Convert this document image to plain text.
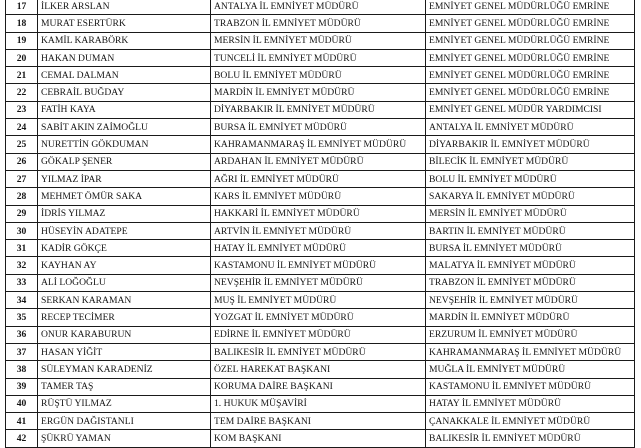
17	İLKER ARSLAN	ANTALYA İL EMNİYET MÜDÜRÜ	EMNİYET GENEL MÜDÜRLÜĞÜ EMRİNE
18	MURAT ESERTÜRK	TRABZON İL EMNİYET MÜDÜRÜ	EMNİYET GENEL MÜDÜRLÜĞÜ EMRİNE
19	KAMİL KARABÖRK	MERSİN İL EMNİYET MÜDÜRÜ	EMNİYET GENEL MÜDÜRLÜĞÜ EMRİNE
20	HAKAN DUMAN	TUNCELİ İL EMNİYET MÜDÜRÜ	EMNİYET GENEL MÜDÜRLÜĞÜ EMRİNE
21	CEMAL DALMAN	BOLU İL EMNİYET MÜDÜRÜ	EMNİYET GENEL MÜDÜRLÜĞÜ EMRİNE
22	CEBRAİL BUĞDAY	MARDİN İL EMNİYET MÜDÜRÜ	EMNİYET GENEL MÜDÜRLÜĞÜ EMRİNE
23	FATİH KAYA	DİYARBAKIR İL EMNİYET MÜDÜRÜ	EMNİYET GENEL MÜDÜR YARDIMCISI
24	SABİT AKIN ZAİMOĞLU	BURSA İL EMNİYET MÜDÜRÜ	ANTALYA İL EMNİYET MÜDÜRÜ
25	NURETTİN GÖKDUMAN	KAHRAMANMARAŞ İL EMNİYET MÜDÜRÜ	DİYARBAKIR İL EMNİYET MÜDÜRÜ
26	GÖKALP ŞENER	ARDAHAN İL EMNİYET MÜDÜRÜ	BİLECİK İL EMNİYET MÜDÜRÜ
27	YILMAZ İPAR	AĞRI İL EMNİYET MÜDÜRÜ	BOLU İL EMNİYET MÜDÜRÜ
28	MEHMET ÖMÜR SAKA	KARS İL EMNİYET MÜDÜRÜ	SAKARYA İL EMNİYET MÜDÜRÜ
29	İDRİS YILMAZ	HAKKARİ İL EMNİYET MÜDÜRÜ	MERSİN İL EMNİYET MÜDÜRÜ
30	HÜSEYİN ADATEPE	ARTVİN İL EMNİYET MÜDÜRÜ	BARTIN İL EMNİYET MÜDÜRÜ
31	KADİR GÖKÇE	HATAY İL EMNİYET MÜDÜRÜ	BURSA İL EMNİYET MÜDÜRÜ
32	KAYHAN AY	KASTAMONU İL EMNİYET MÜDÜRÜ	MALATYA İL EMNİYET MÜDÜRÜ
33	ALİ LOĞOĞLU	NEVŞEHİR İL EMNİYET MÜDÜRÜ	TRABZON İL EMNİYET MÜDÜRÜ
34	SERKAN KARAMAN	MUŞ İL EMNİYET MÜDÜRÜ	NEVŞEHİR İL EMNİYET MÜDÜRÜ
35	RECEP TECİMER	YOZGAT İL EMNİYET MÜDÜRÜ	MARDİN İL EMNİYET MÜDÜRÜ
36	ONUR KARABURUN	EDİRNE İL EMNİYET MÜDÜRÜ	ERZURUM İL EMNİYET MÜDÜRÜ
37	HASAN YİĞİT	BALIKESİR İL EMNİYET MÜDÜRÜ	KAHRAMANMARAŞ İL EMNİYET MÜDÜRÜ
38	SÜLEYMAN KARADENİZ	ÖZEL HAREKAT BAŞKANI	MUĞLA İL EMNİYET MÜDÜRÜ
39	TAMER TAŞ	KORUMA DAİRE BAŞKANI	KASTAMONU İL EMNİYET MÜDÜRÜ
40	RÜŞTÜ YILMAZ	1. HUKUK MÜŞAVİRİ	HATAY İL EMNİYET MÜDÜRÜ
41	ERGÜN DAĞISTANLI	TEM DAİRE BAŞKANI	ÇANAKKALE İL EMNİYET MÜDÜRÜ
42	ŞÜKRÜ YAMAN	KOM BAŞKANI	BALIKESİR İL EMNİYET MÜDÜRÜ
